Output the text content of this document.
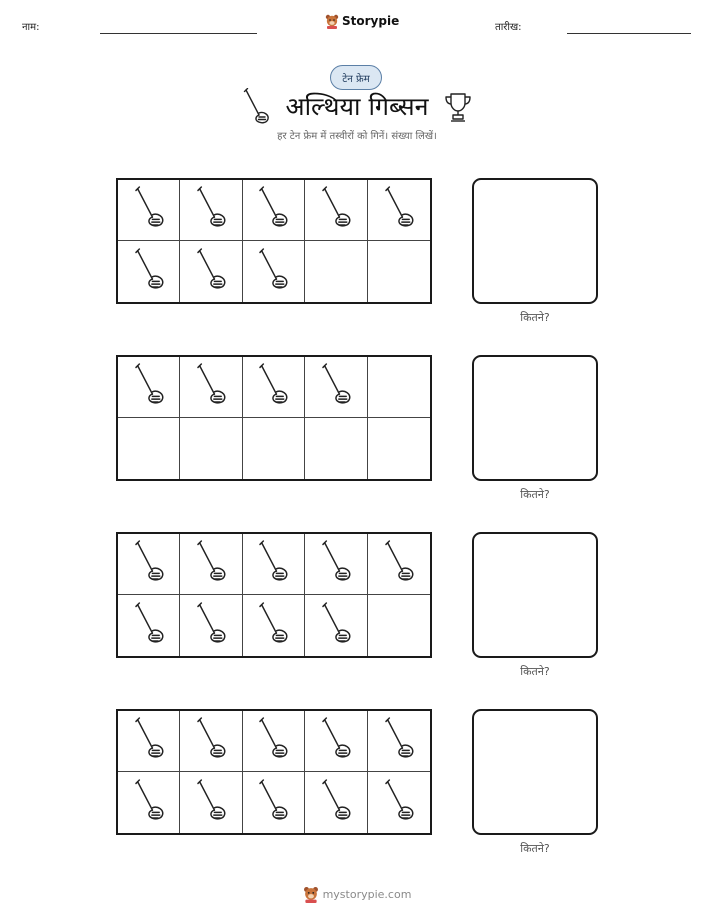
नाम:	Storypie	तारीख:
टेन फ्रेम
अल्थिया गिब्सन
हर टेन फ्रेम में तस्वीरों को गिनें। संख्या लिखें।
कितने?
कितने?
कितने?
कितने?
mystorypie.com
